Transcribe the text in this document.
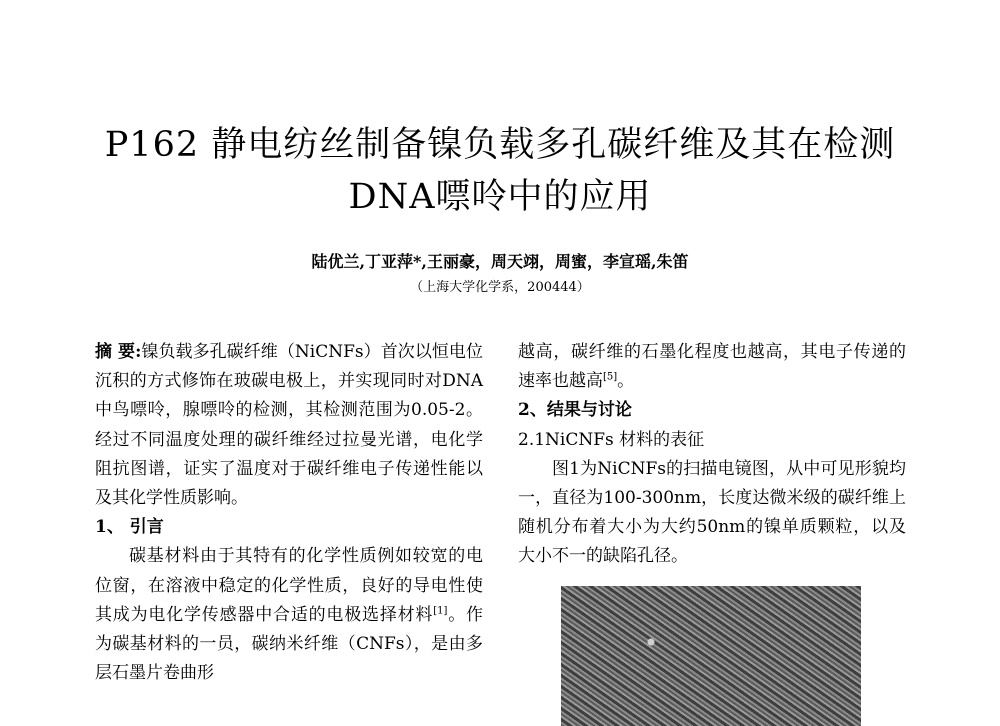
P162 静电纺丝制备镍负载多孔碳纤维及其在检测
DNA嘌呤中的应用
陆优兰,丁亚萍*,王丽豪，周天翊，周蜜，李宣瑶,朱笛
（上海大学化学系，200444）

摘 要:镍负载多孔碳纤维（NiCNFs）首次以恒电位沉积的方式修饰在玻碳电极上，并实现同时对DNA中鸟嘌呤，腺嘌呤的检测，其检测范围为0.05-2。经过不同温度处理的碳纤维经过拉曼光谱，电化学阻抗图谱，证实了温度对于碳纤维电子传递性能以及其化学性质影响。

1、 引言

碳基材料由于其特有的化学性质例如较宽的电位窗，在溶液中稳定的化学性质，良好的导电性使其成为电化学传感器中合适的电极选择材料[1]。作为碳基材料的一员，碳纳米纤维（CNFs），是由多层石墨片卷曲形

越高，碳纤维的石墨化程度也越高，其电子传递的速率也越高[5]。

2、结果与讨论

2.1NiCNFs 材料的表征

图1为NiCNFs的扫描电镜图，从中可见形貌均一，直径为100-300nm，长度达微米级的碳纤维上随机分布着大小为大约50nm的镍单质颗粒，以及大小不一的缺陷孔径。
